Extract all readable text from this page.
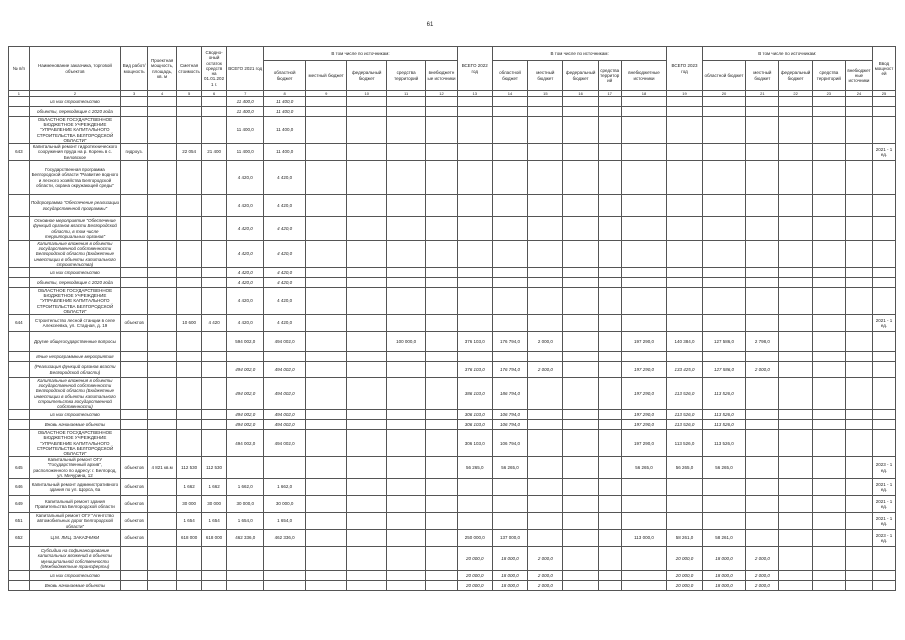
61
№ п/п	Наименование заказчика, торговой объектов	Вид работ/мощность	Проектная мощность, площадь, кв. м	Сметная стоимость	Сводно-оный остаток средств на 01.01.2021 г.	ВСЕГО 2021 год	В том числе по источникам:					ВСЕГО 2022 год	В том числе по источникам:					ВСЕГО 2023 год	В том числе по источникам:					Ввод мощностей
							областной бюджет	местный бюджет	федеральный бюджет	средства территорий	внебюджетные источники		областной бюджет	местный бюджет	федеральный бюджет	средства территорий	внебюджетные источники		областной бюджет	местный бюджет	федеральный бюджет	средства территорий	внебюджетные источники	

1	2	3	4	5	6	7	8	9	10	11	12	13	14	15	16	17	18	19	20	21	22	23	24	25
	из них строительство					11 400,0	11 400,0																	
	объекты, переходящие с 2020 года					11 400,0	11 400,0																	
	ОБЛАСТНОЕ ГОСУДАРСТВЕННОЕ БЮДЖЕТНОЕ УЧРЕЖДЕНИЕ "УПРАВЛЕНИЕ КАПИТАЛЬНОГО СТРОИТЕЛЬСТВА БЕЛГОРОДСКОЙ ОБЛАСТИ"					11 400,0	11 400,0																	
643	Капитальный ремонт гидротехнического сооружения пруда на р. Корень в с. Беловское	гидроуз.		22 054	21 400	11 400,0	11 400,0																	2021 - 1 ед.
	Государственная программа Белгородской области "Развитие водного и лесного хозяйства Белгородской области, охрана окружающей среды"					4 420,0	4 420,0																	
	Подпрограмма "Обеспечение реализации государственной программы"					4 420,0	4 420,0																	
	Основное мероприятие "Обеспечение функций органов власти Белгородской области, в том числе территориальных органов"					4 420,0	4 420,0																	
	Капитальные вложения в объекты государственной собственности Белгородской области (Бюджетные инвестиции в объекты капитального строительства)					4 420,0	4 420,0																	
	из них строительство					4 420,0	4 420,0																	
	объекты, переходящие с 2020 года					4 420,0	4 420,0																	
	ОБЛАСТНОЕ ГОСУДАРСТВЕННОЕ БЮДЖЕТНОЕ УЧРЕЖДЕНИЕ "УПРАВЛЕНИЕ КАПИТАЛЬНОГО СТРОИТЕЛЬСТВА БЕЛГОРОДСКОЙ ОБЛАСТИ"					4 420,0	4 420,0																	
644	Строительство лесной станции в селе Алексеевка, ул. Стадная, д. 19	объектов		10 600	4 420	4 420,0	4 420,0																	2021 - 1 ед.
	Другие общегосударственные вопросы					594 002,0	494 002,0			100 000,0		376 103,0	176 794,0	2 000,0			197 290,0	140 384,0	127 586,0	2 798,0				
	Иные непрограммные мероприятия																							
	(Реализация функций органов власти Белгородской области)					494 002,0	494 002,0					376 103,0	176 794,0	2 000,0			197 290,0	133 425,0	127 586,0	2 000,0				
	Капитальные вложения в объекты государственной собственности Белгородской области (Бюджетные инвестиции в объекты капитального строительства государственной собственности)					494 002,0	494 002,0					386 103,0	186 794,0				197 290,0	113 526,0	113 526,0					
	из них строительство					494 002,0	494 002,0					306 103,0	106 794,0				197 290,0	113 526,0	113 526,0					
	Вновь начинаемые объекты					494 002,0	494 002,0					306 103,0	106 794,0				197 290,0	113 526,0	113 526,0					
	ОБЛАСТНОЕ ГОСУДАРСТВЕННОЕ БЮДЖЕТНОЕ УЧРЕЖДЕНИЕ "УПРАВЛЕНИЕ КАПИТАЛЬНОГО СТРОИТЕЛЬСТВА БЕЛГОРОДСКОЙ ОБЛАСТИ"					494 002,0	494 002,0					306 103,0	106 794,0				197 290,0	113 526,0	113 526,0					
645	Капитальный ремонт ОГУ "Государственный архив", расположенного по адресу: г. Белгород, ул. Мичурина, 12	объектов	4 821 кв.м	112 530	112 530							56 265,0	56 265,0				56 265,0	56 265,0	56 265,0					2023 - 1 ед.
646	Капитальный ремонт административного здания по ул. Щорса, 6а	объектов		1 662	1 662	1 662,0	1 662,0																	2021 - 1 ед.
649	Капитальный ремонт здания Правительства Белгородской области	объектов		30 000	30 000	30 000,0	30 000,0																	2021 - 1 ед.
651	Капитальный ремонт ОГУ "Агентство автомобильных дорог Белгородской области"	объектов		1 654	1 654	1 654,0	1 654,0																	2021 - 1 ед.
652	Ц.М. ЛИЦ. ЗАКАЗЧИКИ	объектов		618 000	618 000	462 336,0	462 336,0					250 000,0	137 000,0				113 000,0	58 261,0	58 261,0					2023 - 1 ед.
	Субсидии на софинансирование капитальных вложений в объекты муниципальной собственности (Межбюджетные трансферты)											20 000,0	18 000,0	2 000,0				20 000,0	18 000,0	2 000,0				
	из них строительство											20 000,0	18 000,0	2 000,0				20 000,0	18 000,0	2 000,0				
	Вновь начинаемые объекты											20 000,0	18 000,0	2 000,0				20 000,0	18 000,0	2 000,0				
